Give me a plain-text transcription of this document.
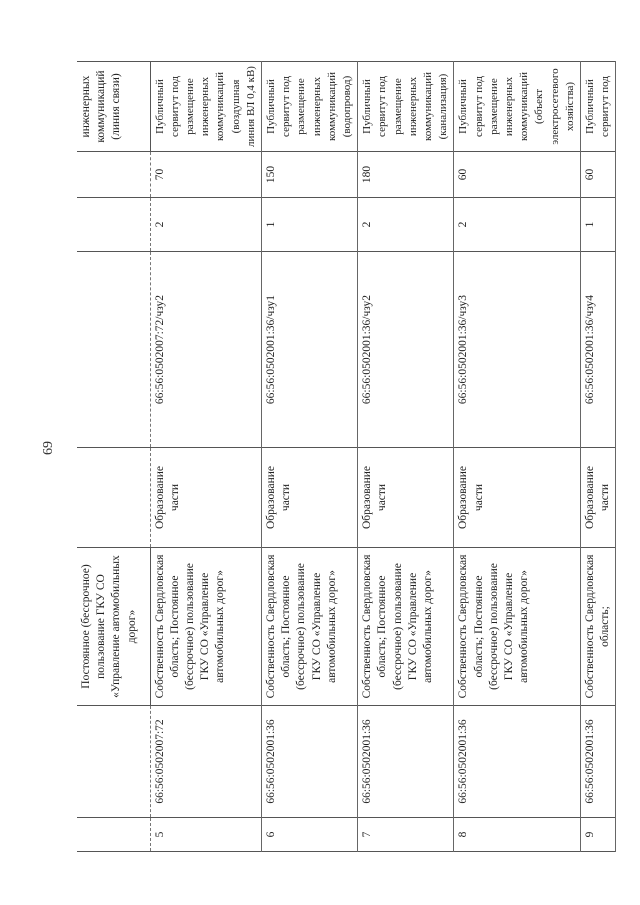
69
		Постоянное (бессрочное) пользование ГКУ СО «Управление автомобильных дорог»					инженерных коммуникаций (линия связи)
5	66:56:0502007:72	Собственность Свердловская область; Постоянное (бессрочное) пользование ГКУ СО «Управление автомобильных дорог»	Образование части	66:56:0502007:72/чзу2	2	70	Публичный сервитут под размещение инженерных коммуникаций (воздушная линия ВЛ 0,4 кВ)
6	66:56:0502001:36	Собственность Свердловская область; Постоянное (бессрочное) пользование ГКУ СО «Управление автомобильных дорог»	Образование части	66:56:0502001:36/чзу1	1	150	Публичный сервитут под размещение инженерных коммуникаций (водопровод)
7	66:56:0502001:36	Собственность Свердловская область; Постоянное (бессрочное) пользование ГКУ СО «Управление автомобильных дорог»	Образование части	66:56:0502001:36/чзу2	2	180	Публичный сервитут под размещение инженерных коммуникаций (канализация)
8	66:56:0502001:36	Собственность Свердловская область; Постоянное (бессрочное) пользование ГКУ СО «Управление автомобильных дорог»	Образование части	66:56:0502001:36/чзу3	2	60	Публичный сервитут под размещение инженерных коммуникаций (объект электросетевого хозяйства)
9	66:56:0502001:36	Собственность Свердловская область;	Образование части	66:56:0502001:36/чзу4	1	60	Публичный сервитут под
